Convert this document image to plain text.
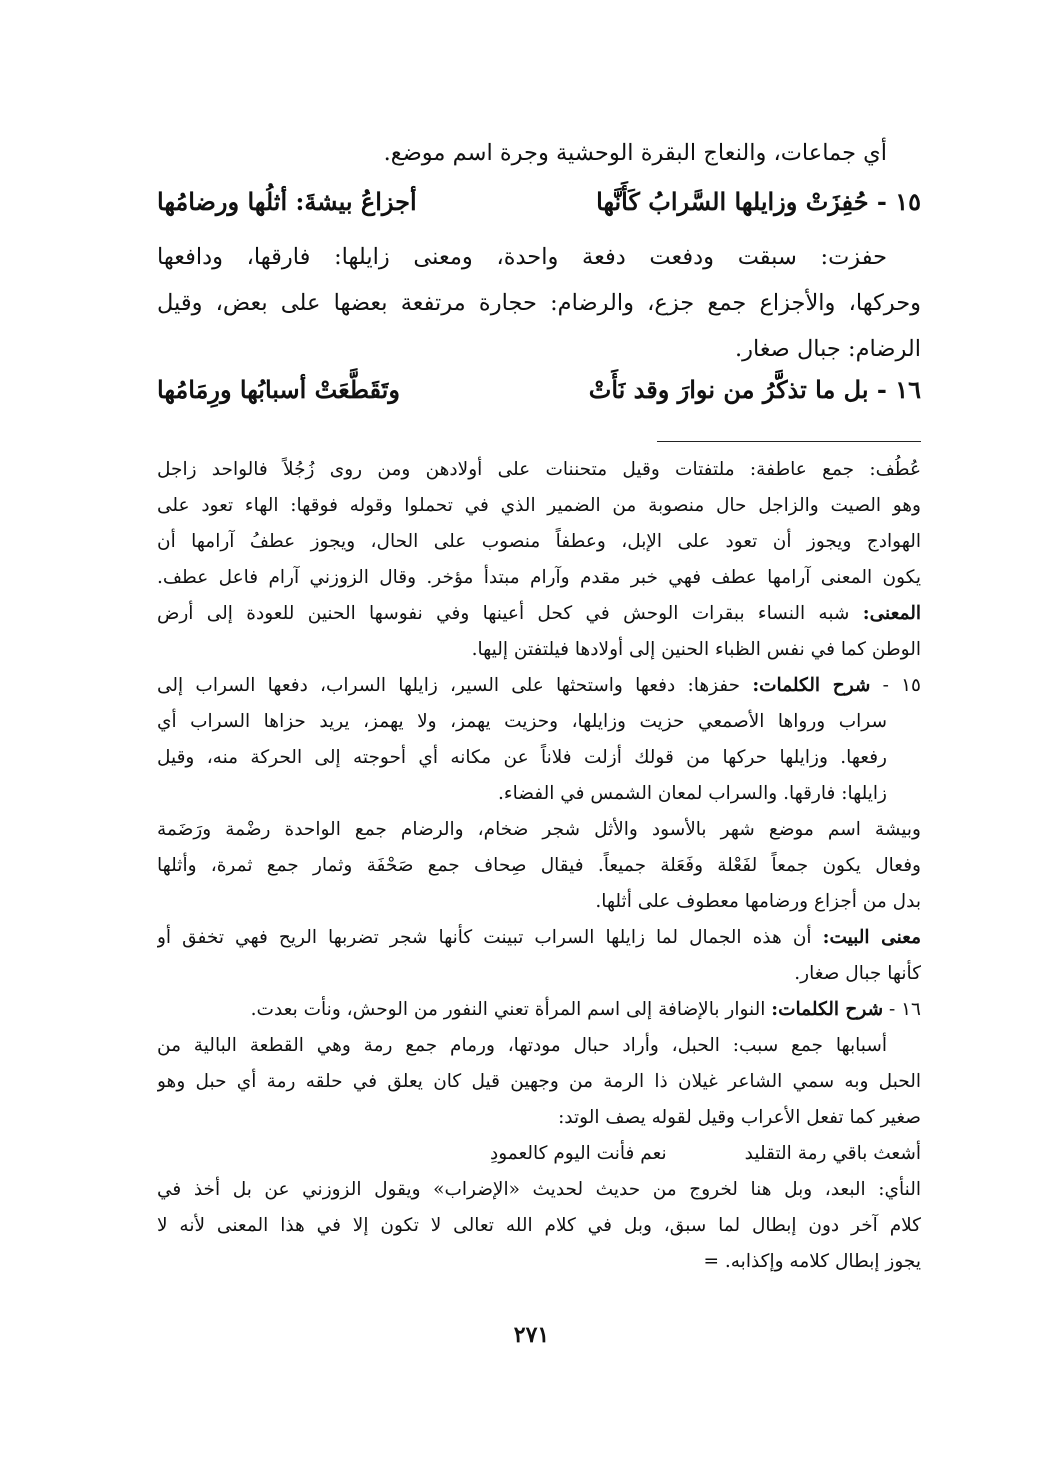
أي جماعات، والنعاج البقرة الوحشية وجرة اسم موضع.
١٥ - حُفِزَتْ وزايلها السَّرابُ كَأَنَّها
أجزاعُ بيشةَ: أثلُها ورضامُها
حفزت: سبقت ودفعت دفعة واحدة، ومعنى زايلها: فارقها، ودافعها
وحركها، والأجزاع جمع جزع، والرضام: حجارة مرتفعة بعضها على بعض، وقيل
الرضام: جبال صغار.
١٦ - بل ما تذكَّرُ من نوارَ وقد نَأَتْ
وتَقَطَّعَتْ أسبابُها ورِمَامُها
عُطُف: جمع عاطفة: ملتفتات وقيل متحننات على أولادهن ومن روى زُجُلاً فالواحد زاجل
وهو الصيت والزاجل حال منصوبة من الضمير الذي في تحملوا وقوله فوقها: الهاء تعود على
الهوادج ويجوز أن تعود على الإبل، وعطفاً منصوب على الحال، ويجوز عطفُ آرامها أن
يكون المعنى آرامها عطف فهي خبر مقدم وآرام مبتدأ مؤخر. وقال الزوزني آرام فاعل عطف.
المعنى: شبه النساء ببقرات الوحش في كحل أعينها وفي نفوسها الحنين للعودة إلى أرض
الوطن كما في نفس الظباء الحنين إلى أولادها فيلتفتن إليها.
١٥ - شرح الكلمات: حفزها: دفعها واستحثها على السير، زايلها السراب، دفعها السراب إلى
سراب ورواها الأصمعي حزيت وزايلها، وحزيت يهمز، ولا يهمز، يريد حزاها السراب أي
رفعها. وزايلها حركها من قولك أزلت فلاناً عن مكانه أي أحوجته إلى الحركة منه، وقيل
زايلها: فارقها. والسراب لمعان الشمس في الفضاء.
وبيشة اسم موضع شهر بالأسود والأثل شجر ضخام، والرضام جمع الواحدة رضْمة ورَضَمة
وفعال يكون جمعاً لفَعْلة وفَعَلة جميعاً. فيقال صِحاف جمع صَحْفَة وثمار جمع ثمرة، وأثلها
بدل من أجزاع ورضامها معطوف على أثلها.
معنى البيت: أن هذه الجمال لما زايلها السراب تبينت كأنها شجر تضربها الريح فهي تخفق أو
كأنها جبال صغار.
١٦ - شرح الكلمات: النوار بالإضافة إلى اسم المرأة تعني النفور من الوحش، ونأت بعدت.
أسبابها جمع سبب: الحبل، وأراد حبال مودتها، ورمام جمع رمة وهي القطعة البالية من
الحبل وبه سمي الشاعر غيلان ذا الرمة من وجهين قيل كان يعلق في حلقه رمة أي حبل وهو
صغير كما تفعل الأعراب وقيل لقوله يصف الوتد:
أشعث باقي رمة التقليد
نعم فأنت اليوم كالعمودِ
النأي: البعد، وبل هنا لخروج من حديث لحديث «الإضراب» ويقول الزوزني عن بل أخذ في
كلام آخر دون إبطال لما سبق، وبل في كلام الله تعالى لا تكون إلا في هذا المعنى لأنه لا
يجوز إبطال كلامه وإكذابه. =
٢٧١
